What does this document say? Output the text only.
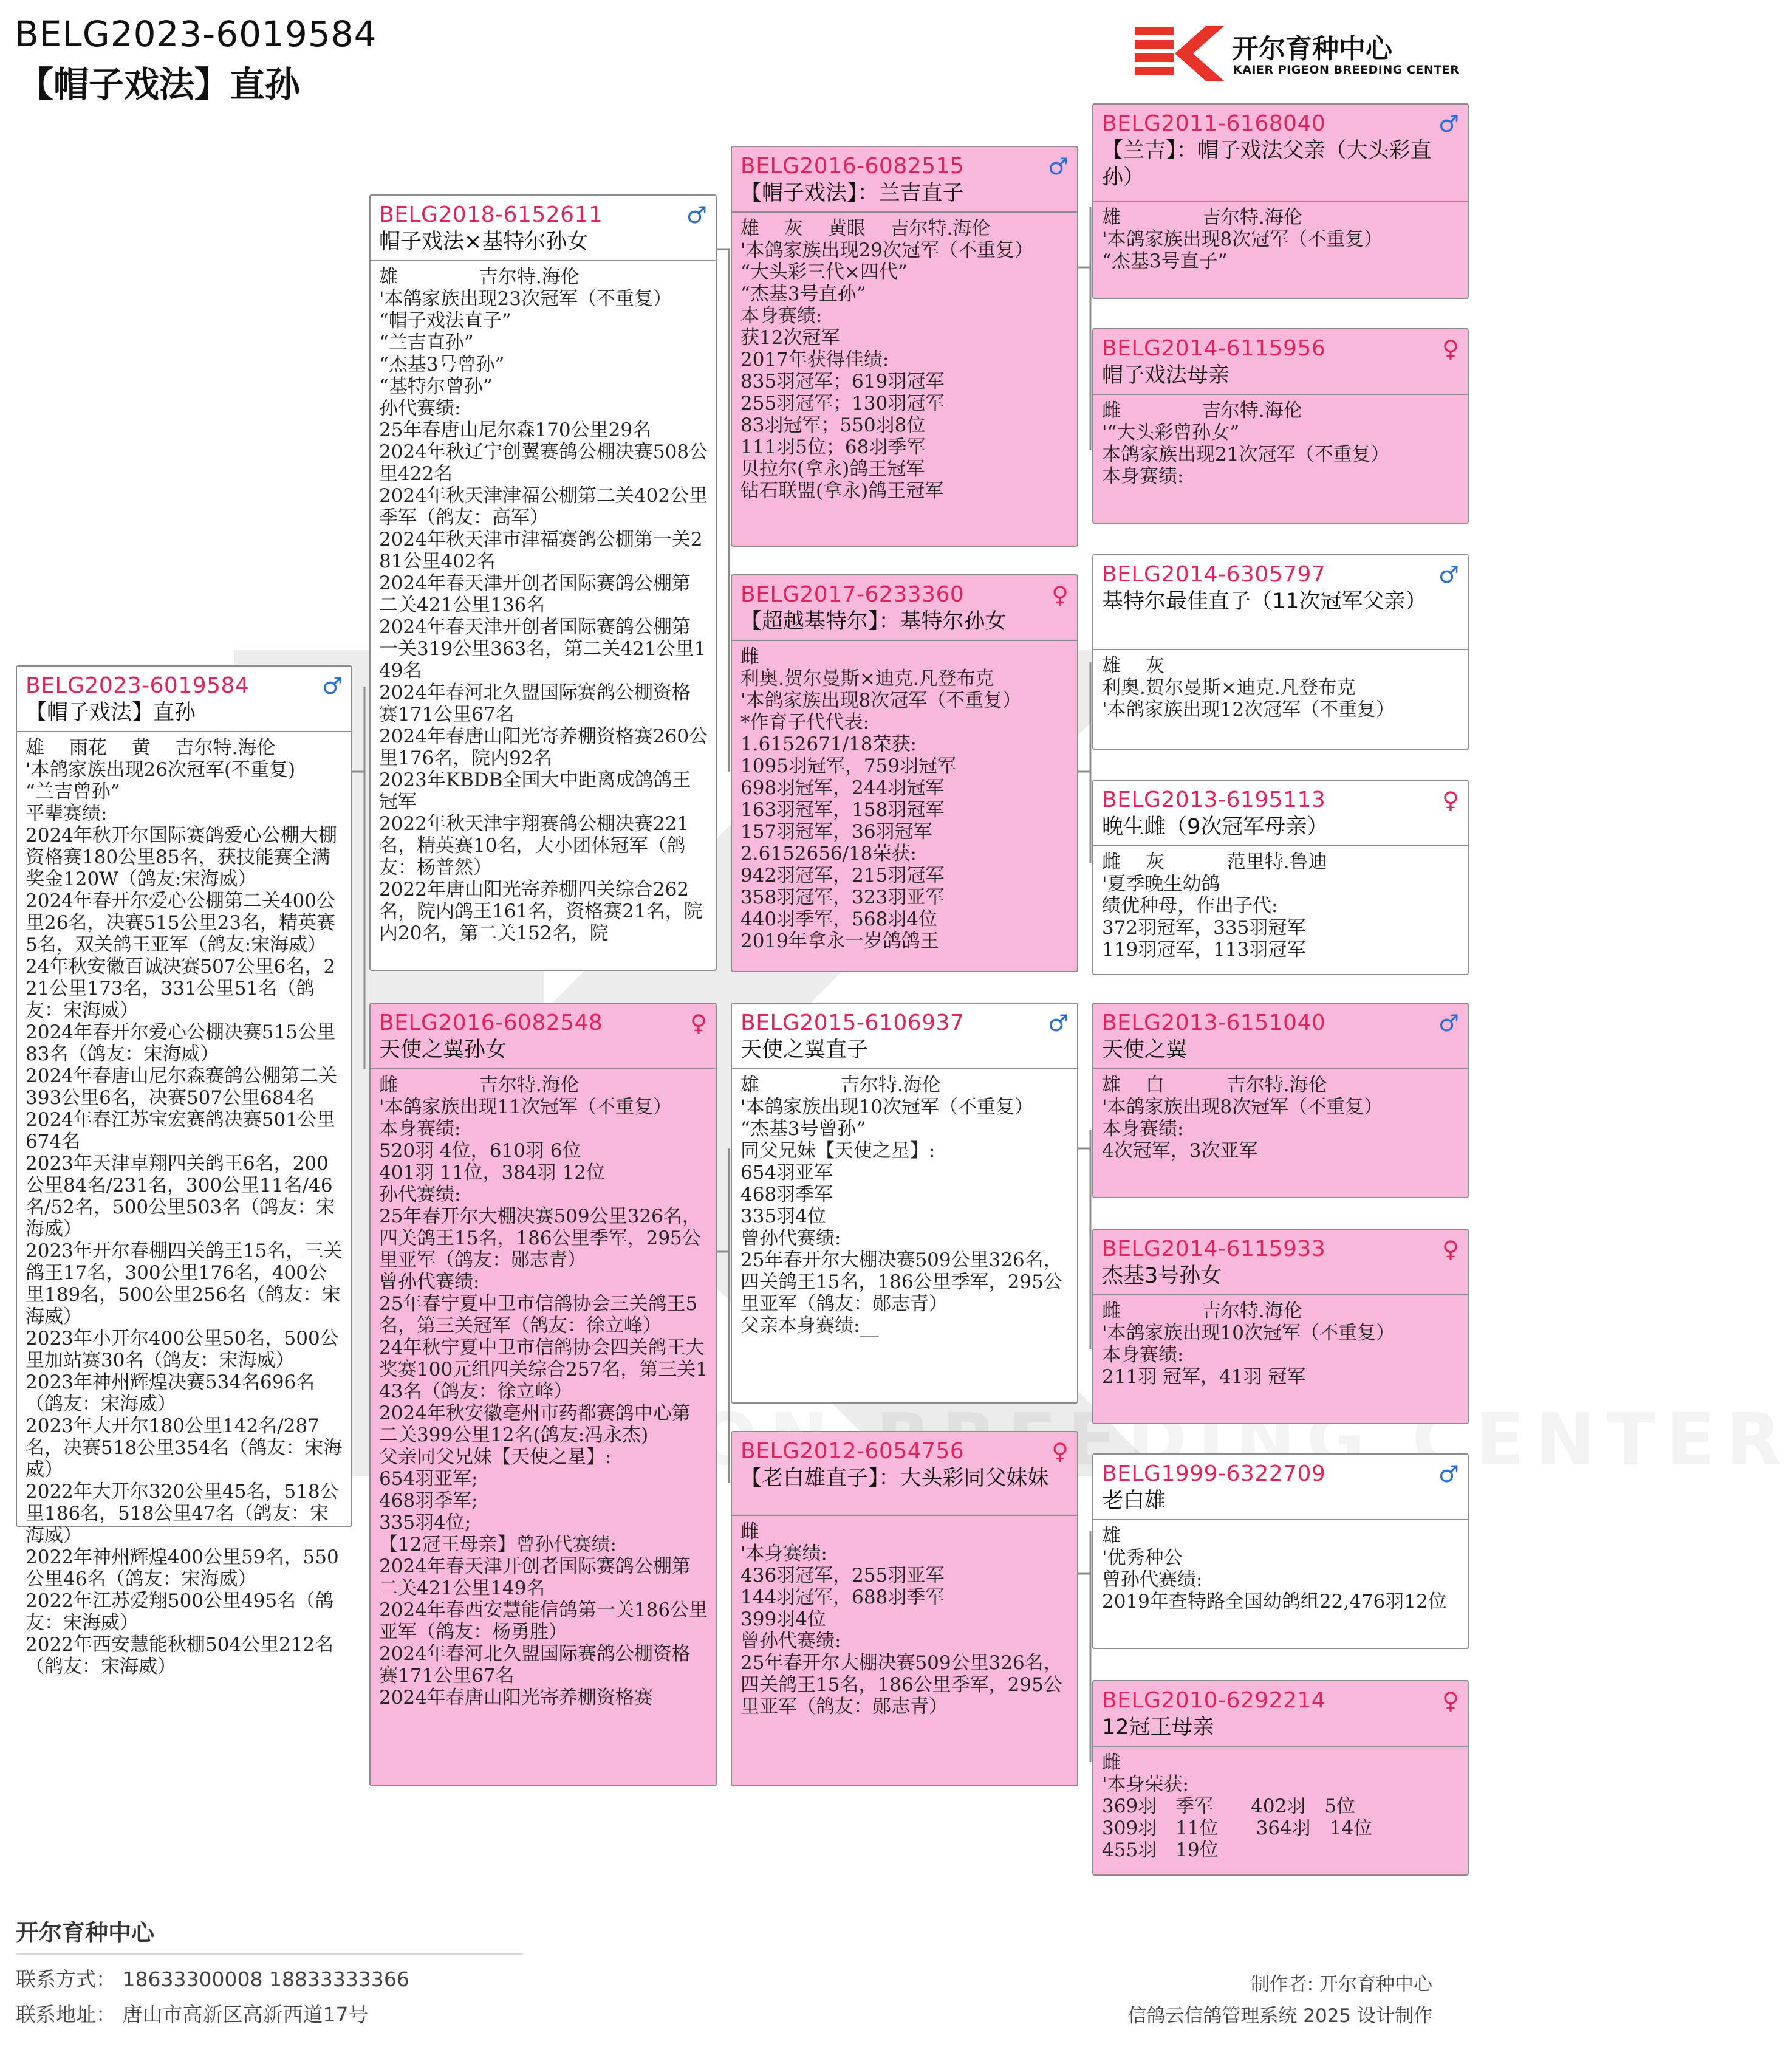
BELG2023-6019584
【帽子戏法】直孙
开尔育种中心
KAIER PIGEON BREEDING CENTER
BELG2023-6019584	♂
【帽子戏法】直孙
雄　 雨花　 黄　 吉尔特.海伦
'本鸽家族出现26次冠军(不重复)
“兰吉曾孙”
平辈赛绩:
2024年秋开尔国际赛鸽爱心公棚大棚资格赛180公里85名，获技能赛全满奖金120W（鸽友:宋海威）
2024年春开尔爱心公棚第二关400公里26名，决赛515公里23名，精英赛5名，双关鸽王亚军（鸽友:宋海威）
24年秋安徽百诚决赛507公里6名，221公里173名，331公里51名（鸽友：宋海威）
2024年春开尔爱心公棚决赛515公里83名（鸽友：宋海威）
2024年春唐山尼尔森赛鸽公棚第二关393公里6名，决赛507公里684名
2024年春江苏宝宏赛鸽决赛501公里674名
2023年天津卓翔四关鸽王6名，200公里84名/231名，300公里11名/46名/52名，500公里503名（鸽友：宋海威）
2023年开尔春棚四关鸽王15名，三关鸽王17名，300公里176名，400公里189名，500公里256名（鸽友：宋海威）
2023年小开尔400公里50名，500公里加站赛30名（鸽友：宋海威）
2023年神州辉煌决赛534名696名（鸽友：宋海威）
2023年大开尔180公里142名/287名，决赛518公里354名（鸽友：宋海威）
2022年大开尔320公里45名，518公里186名，518公里47名（鸽友：宋海威）
2022年神州辉煌400公里59名，550公里46名（鸽友：宋海威）
2022年江苏爱翔500公里495名（鸽友：宋海威）
2022年西安慧能秋棚504公里212名（鸽友：宋海威）
BELG2018-6152611	♂
帽子戏法×基特尔孙女
雄　　　　 吉尔特.海伦
'本鸽家族出现23次冠军（不重复）
“帽子戏法直子”
“兰吉直孙”
“杰基3号曾孙”
“基特尔曾孙”
孙代赛绩:
25年春唐山尼尔森170公里29名
2024年秋辽宁创翼赛鸽公棚决赛508公里422名
2024年秋天津津福公棚第二关402公里季军（鸽友：高军）
2024年秋天津市津福赛鸽公棚第一关281公里402名
2024年春天津开创者国际赛鸽公棚第二关421公里136名
2024年春天津开创者国际赛鸽公棚第一关319公里363名，第二关421公里149名
2024年春河北久盟国际赛鸽公棚资格赛171公里67名
2024年春唐山阳光寄养棚资格赛260公里176名，院内92名
2023年KBDB全国大中距离成鸽鸽王冠军
2022年秋天津宇翔赛鸽公棚决赛221名，精英赛10名，大小团体冠军（鸽友：杨普然）
2022年唐山阳光寄养棚四关综合262名，院内鸽王161名，资格赛21名，院内20名，第二关152名，院
BELG2016-6082548	♀
天使之翼孙女
雌　　　　 吉尔特.海伦
'本鸽家族出现11次冠军（不重复）
本身赛绩:
520羽 4位，610羽 6位
401羽 11位，384羽 12位
孙代赛绩:
25年春开尔大棚决赛509公里326名，四关鸽王15名，186公里季军，295公里亚军（鸽友：郧志青）
曾孙代赛绩:
25年春宁夏中卫市信鸽协会三关鸽王5名，第三关冠军（鸽友：徐立峰）
24年秋宁夏中卫市信鸽协会四关鸽王大奖赛100元组四关综合257名，第三关143名（鸽友：徐立峰）
2024年秋安徽亳州市药都赛鸽中心第二关399公里12名(鸽友:冯永杰)
父亲同父兄妹【天使之星】:
654羽亚军;
468羽季军;
335羽4位;
【12冠王母亲】曾孙代赛绩:
2024年春天津开创者国际赛鸽公棚第二关421公里149名
2024年春西安慧能信鸽第一关186公里亚军（鸽友：杨勇胜）
2024年春河北久盟国际赛鸽公棚资格赛171公里67名
2024年春唐山阳光寄养棚资格赛
BELG2016-6082515	♂
【帽子戏法】：兰吉直子
雄　 灰　 黄眼　 吉尔特.海伦
'本鸽家族出现29次冠军（不重复）
“大头彩三代×四代”
“杰基3号直孙”
本身赛绩:
获12次冠军
2017年获得佳绩:
835羽冠军；619羽冠军
255羽冠军；130羽冠军
83羽冠军；550羽8位
111羽5位；68羽季军
贝拉尔(拿永)鸽王冠军
钻石联盟(拿永)鸽王冠军
BELG2017-6233360	♀
【超越基特尔】：基特尔孙女
雌
利奥.贺尔曼斯×迪克.凡登布克
'本鸽家族出现8次冠军（不重复）
*作育子代代表:
1.6152671/18荣获:
1095羽冠军，759羽冠军
698羽冠军，244羽冠军
163羽冠军，158羽冠军
157羽冠军，36羽冠军
2.6152656/18荣获:
942羽冠军，215羽冠军
358羽冠军，323羽亚军
440羽季军，568羽4位
2019年拿永一岁鸽鸽王
BELG2015-6106937	♂
天使之翼直子
雄　　　　 吉尔特.海伦
'本鸽家族出现10次冠军（不重复）
“杰基3号曾孙”
同父兄妹【天使之星】:
654羽亚军
468羽季军
335羽4位
曾孙代赛绩:
25年春开尔大棚决赛509公里326名，四关鸽王15名，186公里季军，295公里亚军（鸽友：郧志青）
父亲本身赛绩:__
BELG2012-6054756	♀
【老白雄直子】：大头彩同父妹妹
雌
'本身赛绩:
436羽冠军，255羽亚军
144羽冠军，688羽季军
399羽4位
曾孙代赛绩:
25年春开尔大棚决赛509公里326名，四关鸽王15名，186公里季军，295公里亚军（鸽友：郧志青）
BELG2011-6168040	♂
【兰吉】：帽子戏法父亲（大头彩直孙）
雄　　　　 吉尔特.海伦
'本鸽家族出现8次冠军（不重复）
“杰基3号直子”
BELG2014-6115956	♀
帽子戏法母亲
雌　　　　 吉尔特.海伦
'“大头彩曾孙女”
本鸽家族出现21次冠军（不重复）
本身赛绩:
BELG2014-6305797	♂
基特尔最佳直子（11次冠军父亲）
雄　 灰
利奥.贺尔曼斯×迪克.凡登布克
'本鸽家族出现12次冠军（不重复）
BELG2013-6195113	♀
晚生雌（9次冠军母亲）
雌　 灰　　　 范里特.鲁迪
'夏季晚生幼鸽
绩优种母，作出子代:
372羽冠军，335羽冠军
119羽冠军，113羽冠军
BELG2013-6151040	♂
天使之翼
雄　 白　　　 吉尔特.海伦
'本鸽家族出现8次冠军（不重复）
本身赛绩:
4次冠军，3次亚军
BELG2014-6115933	♀
杰基3号孙女
雌　　　　 吉尔特.海伦
'本鸽家族出现10次冠军（不重复）
本身赛绩:
211羽 冠军，41羽 冠军
BELG1999-6322709	♂
老白雄
雄
'优秀种公
曾孙代赛绩:
2019年查特路全国幼鸽组22,476羽12位
BELG2010-6292214	♀
12冠王母亲
雌
'本身荣获:
369羽　季军　　402羽　5位
309羽　11位　　364羽　14位
455羽　19位
开尔育种中心
联系方式： 18633300008 18833333366
联系地址： 唐山市高新区高新西道17号
制作者: 开尔育种中心
信鸽云信鸽管理系统 2025 设计制作
